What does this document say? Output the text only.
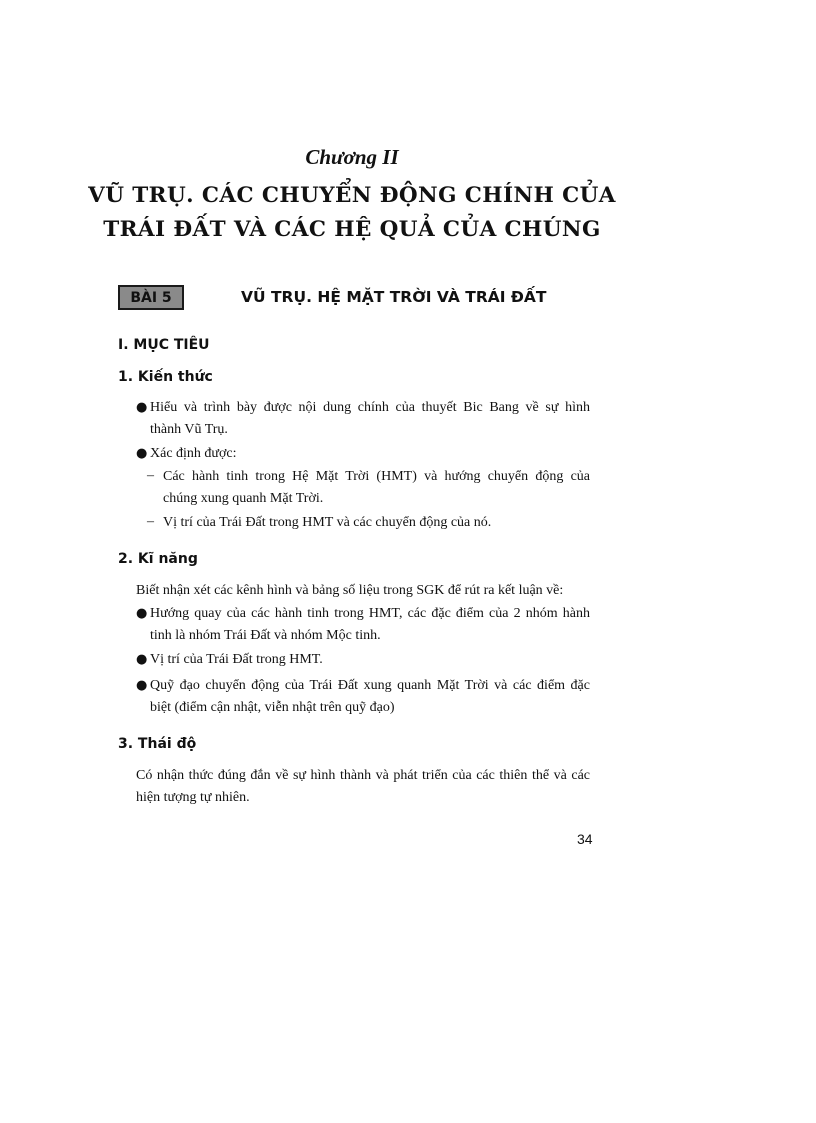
Chương II
VŨ TRỤ. CÁC CHUYỂN ĐỘNG CHÍNH CỦA
TRÁI ĐẤT VÀ CÁC HỆ QUẢ CỦA CHÚNG
BÀI 5	VŨ TRỤ. HỆ MẶT TRỜI VÀ TRÁI ĐẤT
I. MỤC TIÊU
1. Kiến thức
● Hiểu và trình bày được nội dung chính của thuyết Bic Bang về sự hình
thành Vũ Trụ.
● Xác định được:
– Các hành tinh trong Hệ Mặt Trời (HMT) và hướng chuyển động của
chúng xung quanh Mặt Trời.
– Vị trí của Trái Đất trong HMT và các chuyển động của nó.
2. Kĩ năng
Biết nhận xét các kênh hình và bảng số liệu trong SGK để rút ra kết luận về:
● Hướng quay của các hành tinh trong HMT, các đặc điểm của 2 nhóm hành
tinh là nhóm Trái Đất và nhóm Mộc tinh.
● Vị trí của Trái Đất trong HMT.
● Quỹ đạo chuyển động của Trái Đất xung quanh Mặt Trời và các điểm đặc
biệt (điểm cận nhật, viễn nhật trên quỹ đạo)
3. Thái độ
Có nhận thức đúng đắn về sự hình thành và phát triển của các thiên thể và các
hiện tượng tự nhiên.
34
